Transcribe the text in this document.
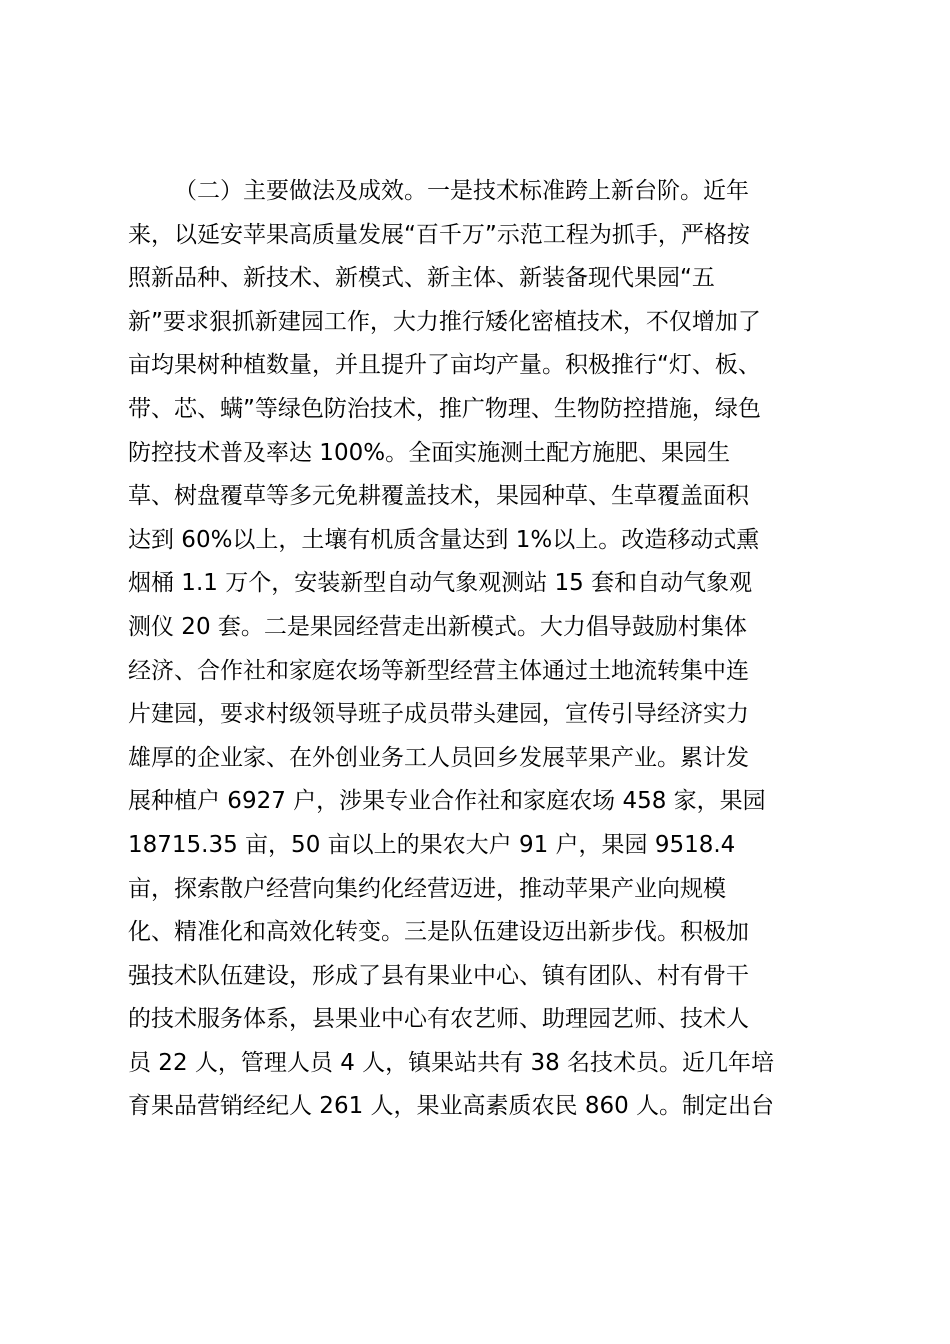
（二）主要做法及成效。一是技术标准跨上新台阶。近年
来，以延安苹果高质量发展“百千万”示范工程为抓手，严格按
照新品种、新技术、新模式、新主体、新装备现代果园“五
新”要求狠抓新建园工作，大力推行矮化密植技术，不仅增加了
亩均果树种植数量，并且提升了亩均产量。积极推行“灯、板、
带、芯、螨”等绿色防治技术，推广物理、生物防控措施，绿色
防控技术普及率达 100%。全面实施测土配方施肥、果园生
草、树盘覆草等多元免耕覆盖技术，果园种草、生草覆盖面积
达到 60%以上，土壤有机质含量达到 1%以上。改造移动式熏
烟桶 1.1 万个，安装新型自动气象观测站 15 套和自动气象观
测仪 20 套。二是果园经营走出新模式。大力倡导鼓励村集体
经济、合作社和家庭农场等新型经营主体通过土地流转集中连
片建园，要求村级领导班子成员带头建园，宣传引导经济实力
雄厚的企业家、在外创业务工人员回乡发展苹果产业。累计发
展种植户 6927 户，涉果专业合作社和家庭农场 458 家，果园
18715.35 亩，50 亩以上的果农大户 91 户，果园 9518.4
亩，探索散户经营向集约化经营迈进，推动苹果产业向规模
化、精准化和高效化转变。三是队伍建设迈出新步伐。积极加
强技术队伍建设，形成了县有果业中心、镇有团队、村有骨干
的技术服务体系，县果业中心有农艺师、助理园艺师、技术人
员 22 人，管理人员 4 人，镇果站共有 38 名技术员。近几年培
育果品营销经纪人 261 人，果业高素质农民 860 人。制定出台
